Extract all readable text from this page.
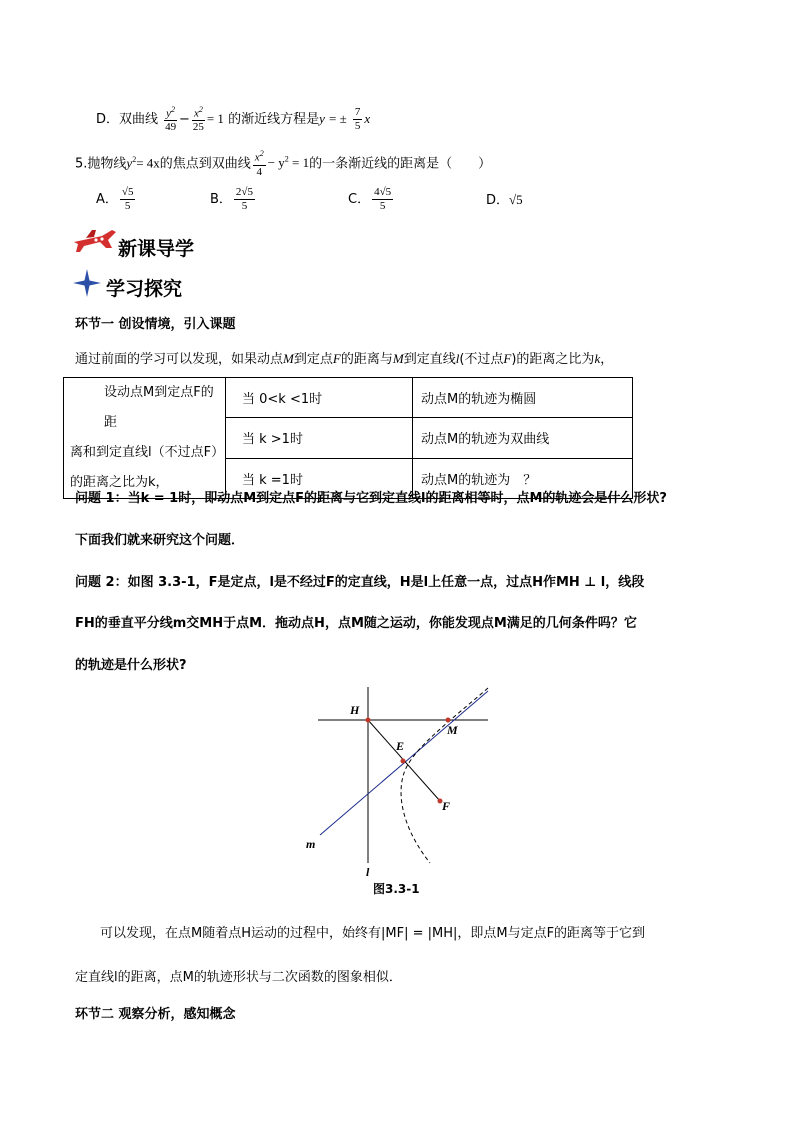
D．双曲线 $\frac{y^2}{49} - \frac{x^2}{25} = 1$ 的渐近线方程是y = ± $\frac{7}{5}$ x
5.抛物线$y^2= 4x$的焦点到双曲线 $\frac{x^2}{4} - y^2 = 1$的一条渐近线的距离是（　　）
A． $\frac{√5}{5}$	B． $\frac{2√5}{5}$	C． $\frac{4√5}{5}$	D．√5
新课导学
学习探究
环节一 创设情境，引入课题
通过前面的学习可以发现，如果动点M到定点F的距离与M到定直线l(不过点F)的距离之比为k，
设动点M到定点F的距
离和到定直线l（不过点F）
的距离之比为k，	当 0<k <1时	动点M的轨迹为椭圆
	当 k >1时	动点M的轨迹为双曲线
	当 k =1时	动点M的轨迹为　？
问题 1：当k = 1时，即动点M到定点F的距离与它到定直线l的距离相等时，点M的轨迹会是什么形状?
下面我们就来研究这个问题．
问题 2：如图 3.3-1，F是定点，l是不经过F的定直线，H是l上任意一点，过点H作MH ⊥ l，线段
FH的垂直平分线m交MH于点M．拖动点H，点M随之运动，你能发现点M满足的几何条件吗？它
的轨迹是什么形状?
H
M
E
F
m
l
图3.3-1
可以发现，在点M随着点H运动的过程中，始终有|MF| = |MH|，即点M与定点F的距离等于它到
定直线l的距离，点M的轨迹形状与二次函数的图象相似．
环节二 观察分析，感知概念
